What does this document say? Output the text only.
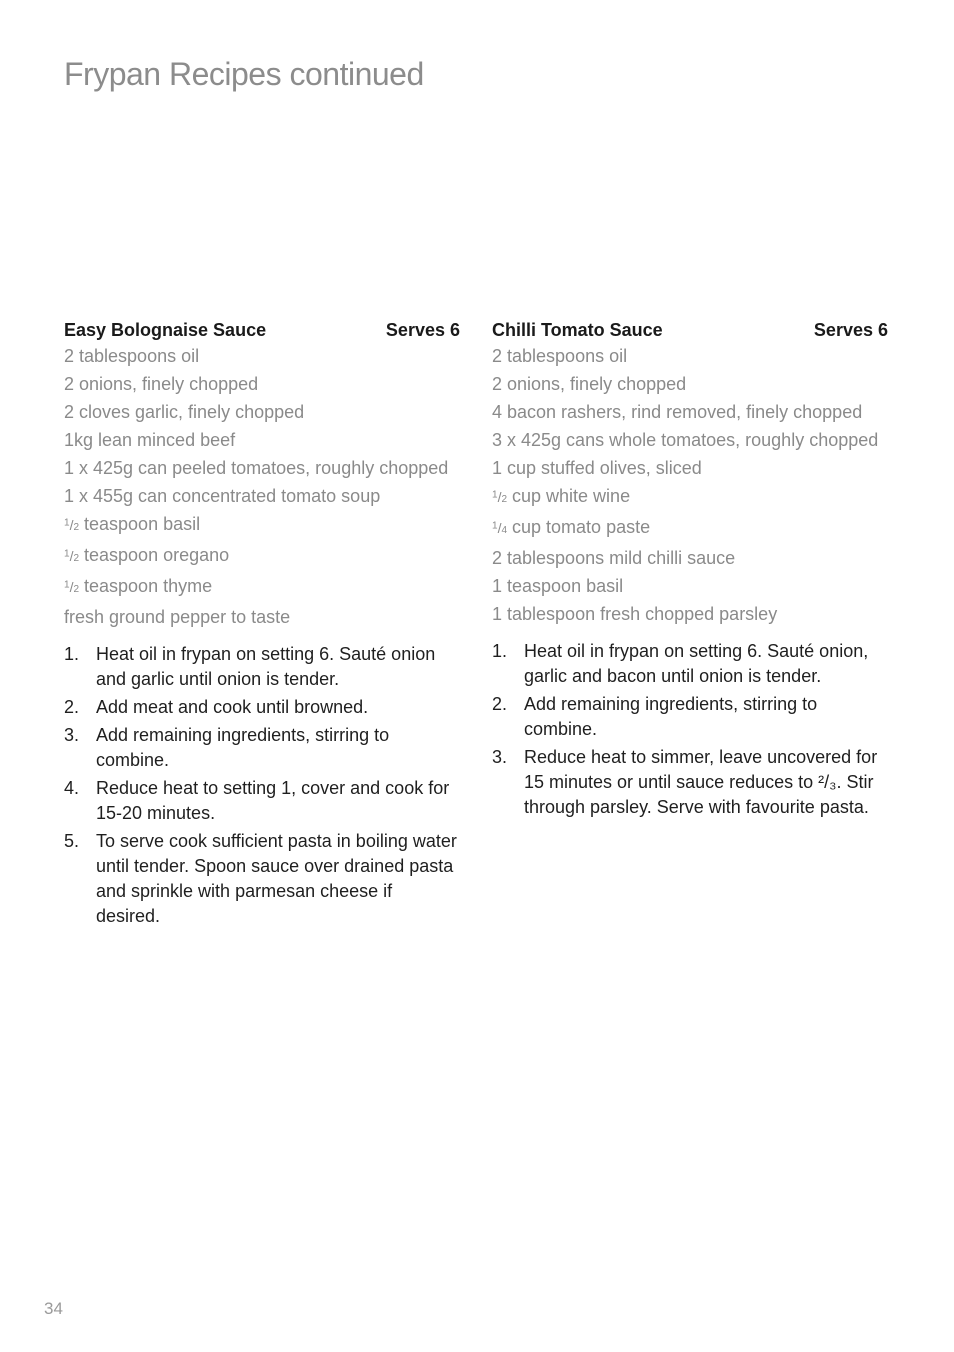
Frypan Recipes continued
Easy Bolognaise Sauce	Serves 6
2 tablespoons oil
2 onions, finely chopped
2 cloves garlic, finely chopped
1kg lean minced beef
1 x 425g can peeled tomatoes, roughly chopped
1 x 455g can concentrated tomato soup
$^1$/2 teaspoon basil
$^1$/2 teaspoon oregano
$^1$/2 teaspoon thyme
fresh ground pepper to taste
1. Heat oil in frypan on setting 6. Sauté onion and garlic until onion is tender.
2. Add meat and cook until browned.
3. Add remaining ingredients, stirring to combine.
4. Reduce heat to setting 1, cover and cook for 15-20 minutes.
5. To serve cook sufficient pasta in boiling water until tender. Spoon sauce over drained pasta and sprinkle with parmesan cheese if desired.
Chilli Tomato Sauce	Serves 6
2 tablespoons oil
2 onions, finely chopped
4 bacon rashers, rind removed, finely chopped
3 x 425g cans whole tomatoes, roughly chopped
1 cup stuffed olives, sliced
$^1$/2 cup white wine
$^1$/4 cup tomato paste
2 tablespoons mild chilli sauce
1 teaspoon basil
1 tablespoon fresh chopped parsley
1. Heat oil in frypan on setting 6. Sauté onion, garlic and bacon until onion is tender.
2. Add remaining ingredients, stirring to combine.
3. Reduce heat to simmer, leave uncovered for 15 minutes or until sauce reduces to ²/₃. Stir through parsley. Serve with favourite pasta.
34
